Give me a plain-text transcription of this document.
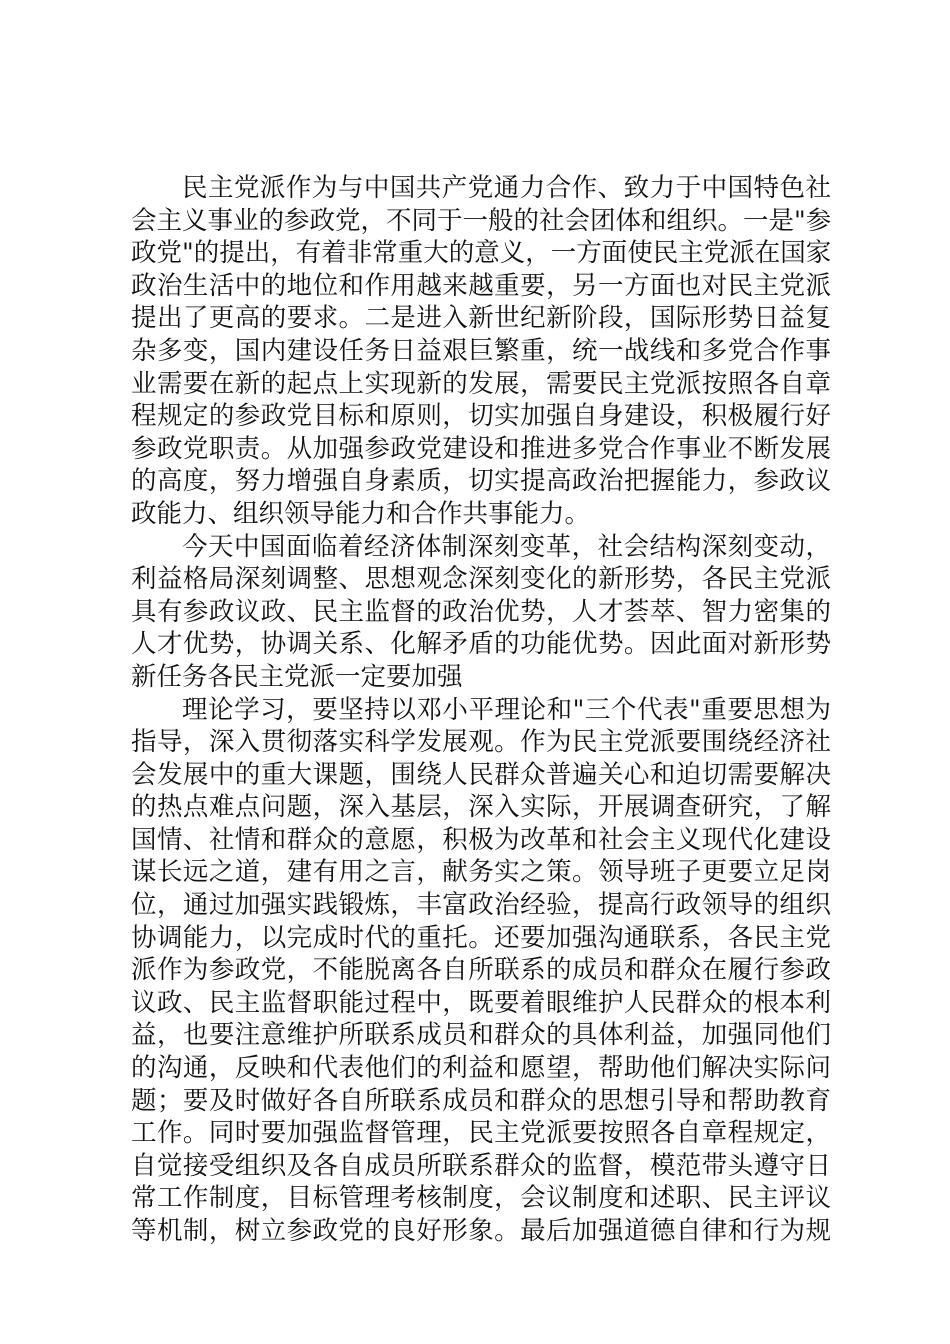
民主党派作为与中国共产党通力合作、致力于中国特色社
会主义事业的参政党，不同于一般的社会团体和组织。一是"参
政党"的提出，有着非常重大的意义，一方面使民主党派在国家
政治生活中的地位和作用越来越重要，另一方面也对民主党派
提出了更高的要求。二是进入新世纪新阶段，国际形势日益复
杂多变，国内建设任务日益艰巨繁重，统一战线和多党合作事
业需要在新的起点上实现新的发展，需要民主党派按照各自章
程规定的参政党目标和原则，切实加强自身建设，积极履行好
参政党职责。从加强参政党建设和推进多党合作事业不断发展
的高度，努力增强自身素质，切实提高政治把握能力，参政议
政能力、组织领导能力和合作共事能力。
今天中国面临着经济体制深刻变革，社会结构深刻变动，
利益格局深刻调整、思想观念深刻变化的新形势，各民主党派
具有参政议政、民主监督的政治优势，人才荟萃、智力密集的
人才优势，协调关系、化解矛盾的功能优势。因此面对新形势
新任务各民主党派一定要加强
理论学习，要坚持以邓小平理论和"三个代表"重要思想为
指导，深入贯彻落实科学发展观。作为民主党派要围绕经济社
会发展中的重大课题，围绕人民群众普遍关心和迫切需要解决
的热点难点问题，深入基层，深入实际，开展调查研究，了解
国情、社情和群众的意愿，积极为改革和社会主义现代化建设
谋长远之道，建有用之言，献务实之策。领导班子更要立足岗
位，通过加强实践锻炼，丰富政治经验，提高行政领导的组织
协调能力，以完成时代的重托。还要加强沟通联系，各民主党
派作为参政党，不能脱离各自所联系的成员和群众在履行参政
议政、民主监督职能过程中，既要着眼维护人民群众的根本利
益，也要注意维护所联系成员和群众的具体利益，加强同他们
的沟通，反映和代表他们的利益和愿望，帮助他们解决实际问
题；要及时做好各自所联系成员和群众的思想引导和帮助教育
工作。同时要加强监督管理，民主党派要按照各自章程规定，
自觉接受组织及各自成员所联系群众的监督，模范带头遵守日
常工作制度，目标管理考核制度，会议制度和述职、民主评议
等机制，树立参政党的良好形象。最后加强道德自律和行为规
